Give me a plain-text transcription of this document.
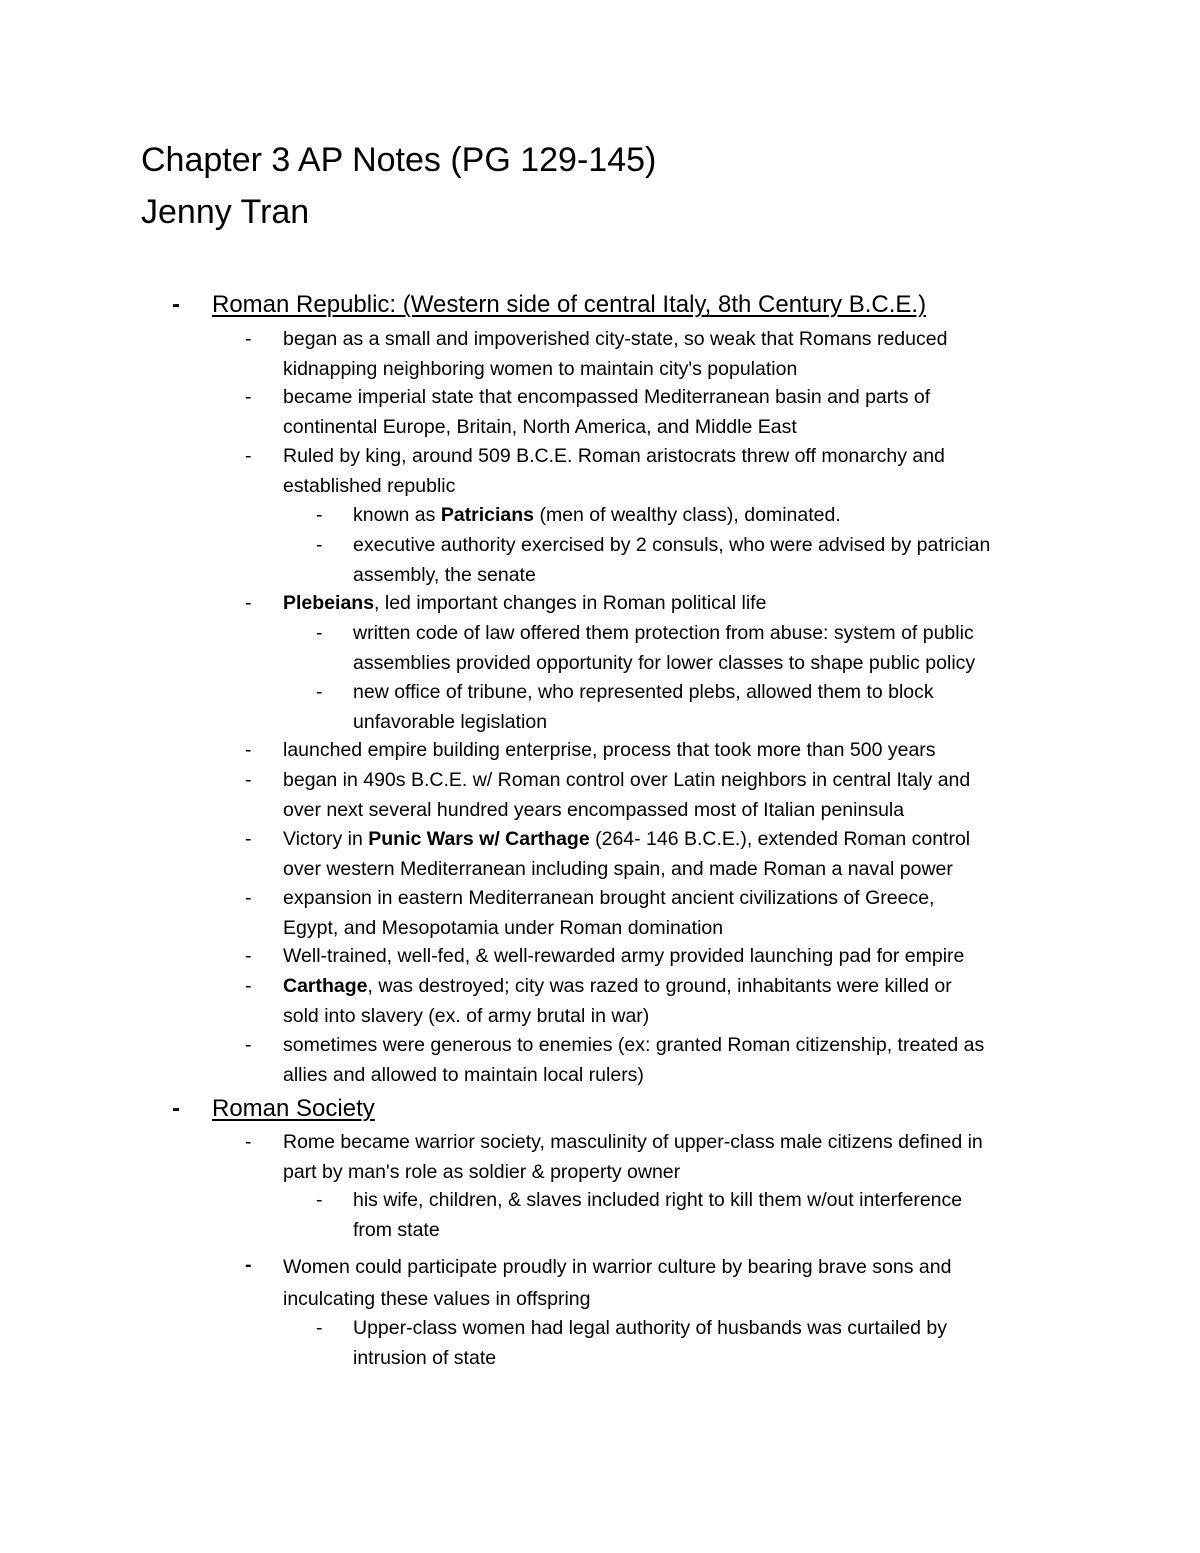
Chapter 3 AP Notes (PG 129-145)
Jenny Tran
- Roman Republic: (Western side of central Italy, 8th Century B.C.E.)
- began as a small and impoverished city-state, so weak that Romans reduced
kidnapping neighboring women to maintain city's population
- became imperial state that encompassed Mediterranean basin and parts of
continental Europe, Britain, North America, and Middle East
- Ruled by king, around 509 B.C.E. Roman aristocrats threw off monarchy and
established republic
- known as Patricians (men of wealthy class), dominated.
- executive authority exercised by 2 consuls, who were advised by patrician
assembly, the senate
- Plebeians, led important changes in Roman political life
- written code of law offered them protection from abuse: system of public
assemblies provided opportunity for lower classes to shape public policy
- new office of tribune, who represented plebs, allowed them to block
unfavorable legislation
- launched empire building enterprise, process that took more than 500 years
- began in 490s B.C.E. w/ Roman control over Latin neighbors in central Italy and
over next several hundred years encompassed most of Italian peninsula
- Victory in Punic Wars w/ Carthage (264- 146 B.C.E.), extended Roman control
over western Mediterranean including spain, and made Roman a naval power
- expansion in eastern Mediterranean brought ancient civilizations of Greece,
Egypt, and Mesopotamia under Roman domination
- Well-trained, well-fed, & well-rewarded army provided launching pad for empire
- Carthage, was destroyed; city was razed to ground, inhabitants were killed or
sold into slavery (ex. of army brutal in war)
- sometimes were generous to enemies (ex: granted Roman citizenship, treated as
allies and allowed to maintain local rulers)
- Roman Society
- Rome became warrior society, masculinity of upper-class male citizens defined in
part by man's role as soldier & property owner
- his wife, children, & slaves included right to kill them w/out interference
from state
- Women could participate proudly in warrior culture by bearing brave sons and
inculcating these values in offspring
- Upper-class women had legal authority of husbands was curtailed by
intrusion of state
